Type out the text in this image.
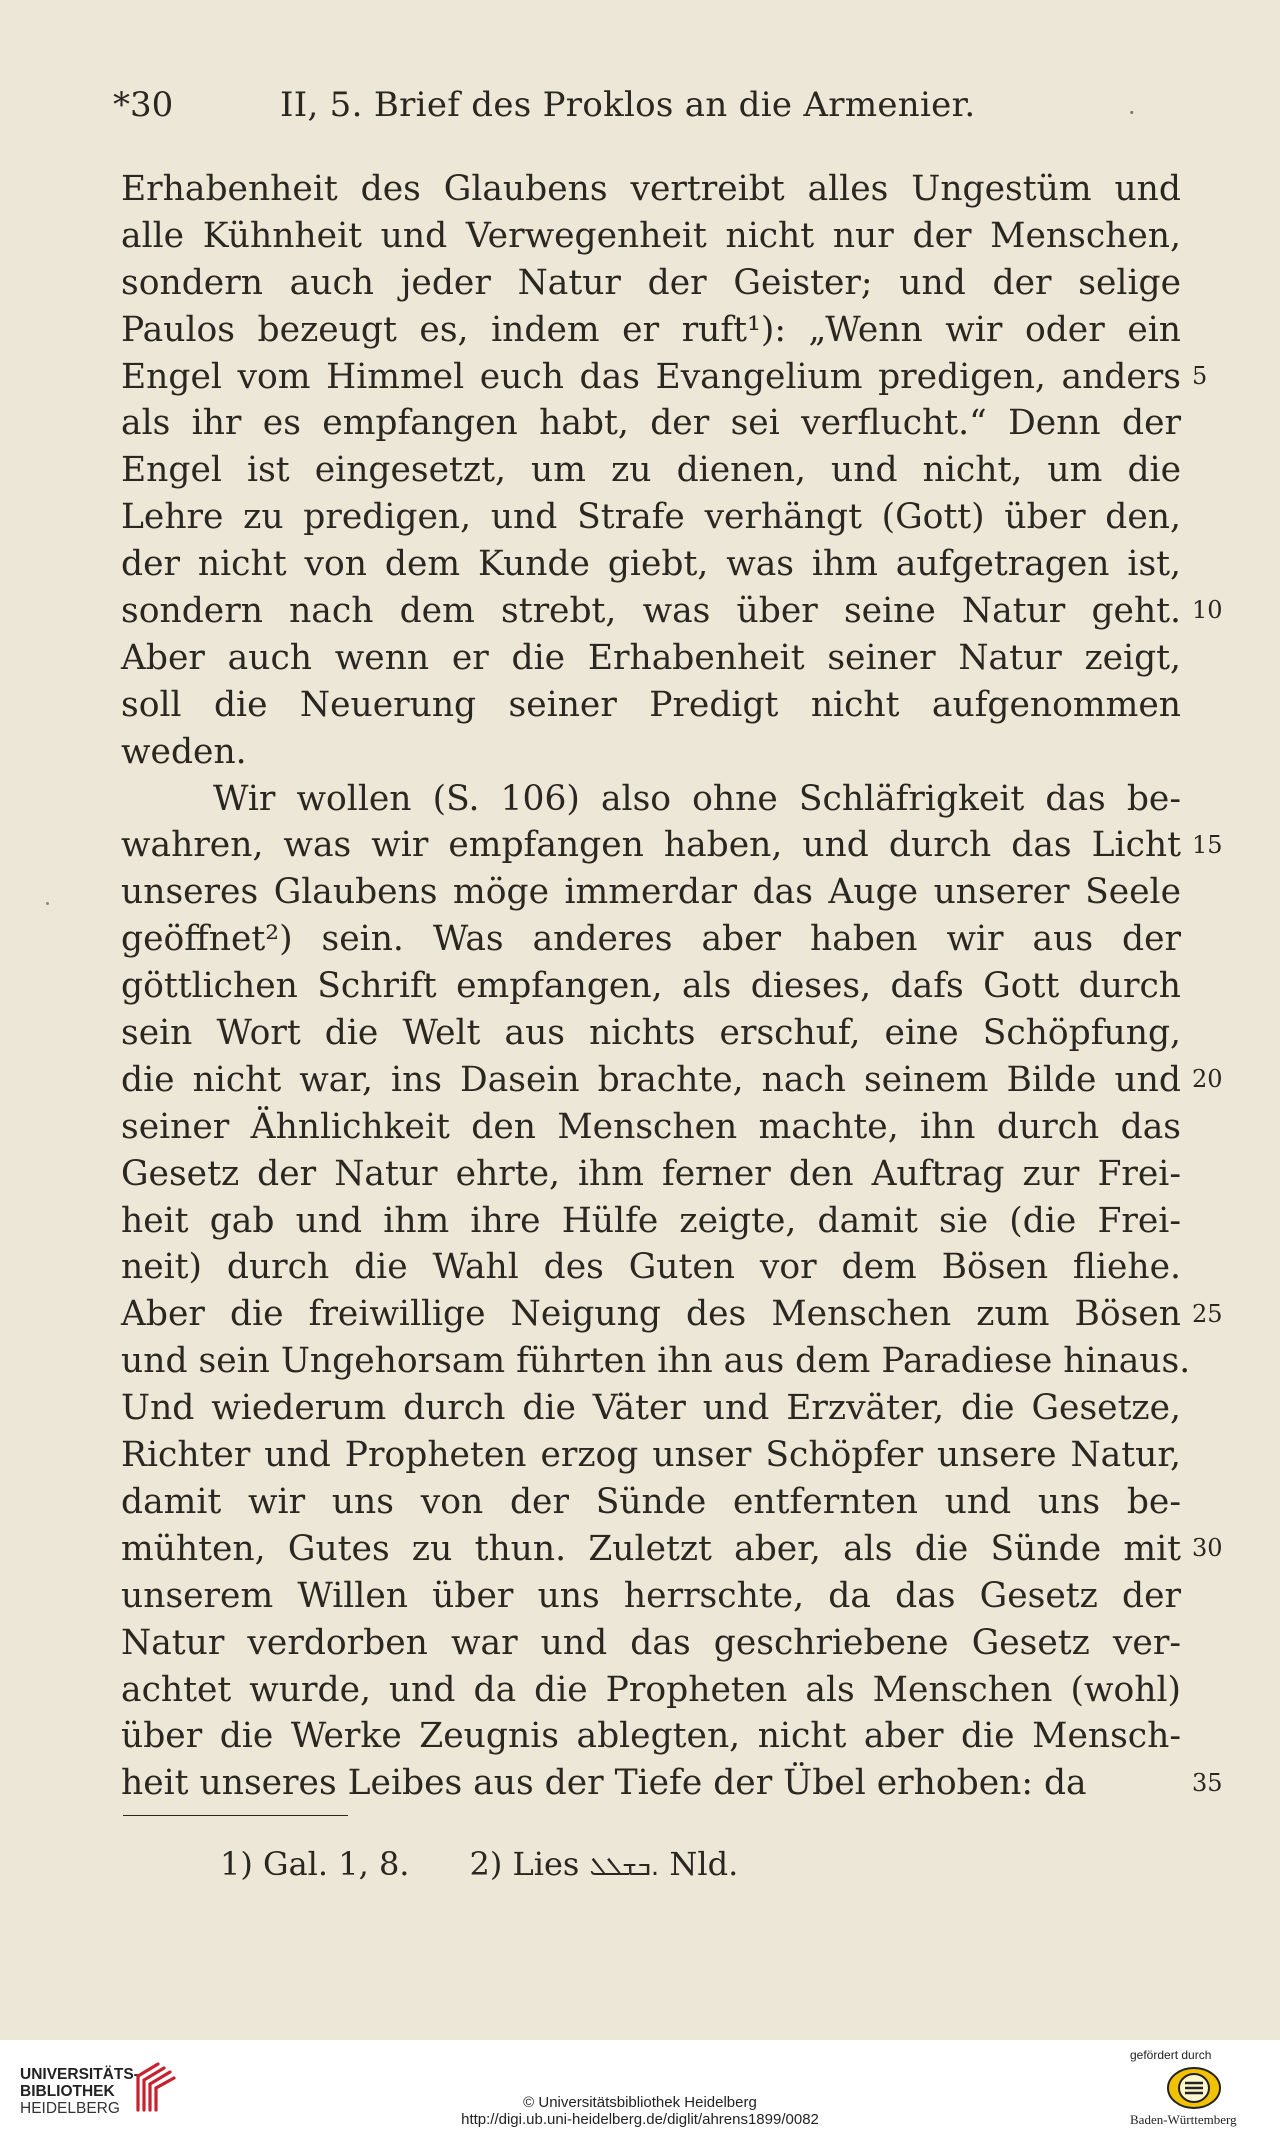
*30	II, 5. Brief des Proklos an die Armenier.	·
Erhabenheit des Glaubens vertreibt alles Ungestüm und
alle Kühnheit und Verwegenheit nicht nur der Menschen,
sondern auch jeder Natur der Geister; und der selige
Paulos bezeugt es, indem er ruft¹): „Wenn wir oder ein
Engel vom Himmel euch das Evangelium predigen, anders
als ihr es empfangen habt, der sei verflucht.“ Denn der
Engel ist eingesetzt, um zu dienen, und nicht, um die
Lehre zu predigen, und Strafe verhängt (Gott) über den,
der nicht von dem Kunde giebt, was ihm aufgetragen ist,
sondern nach dem strebt, was über seine Natur geht.
Aber auch wenn er die Erhabenheit seiner Natur zeigt,
soll die Neuerung seiner Predigt nicht aufgenommen
weden.
Wir wollen (S. 106) also ohne Schläfrigkeit das be-
wahren, was wir empfangen haben, und durch das Licht
unseres Glaubens möge immerdar das Auge unserer Seele
geöffnet²) sein. Was anderes aber haben wir aus der
göttlichen Schrift empfangen, als dieses, dafs Gott durch
sein Wort die Welt aus nichts erschuf, eine Schöpfung,
die nicht war, ins Dasein brachte, nach seinem Bilde und
seiner Ähnlichkeit den Menschen machte, ihn durch das
Gesetz der Natur ehrte, ihm ferner den Auftrag zur Frei-
heit gab und ihm ihre Hülfe zeigte, damit sie (die Frei-
neit) durch die Wahl des Guten vor dem Bösen fliehe.
Aber die freiwillige Neigung des Menschen zum Bösen
und sein Ungehorsam führten ihn aus dem Paradiese hinaus.
Und wiederum durch die Väter und Erzväter, die Gesetze,
Richter und Propheten erzog unser Schöpfer unsere Natur,
damit wir uns von der Sünde entfernten und uns be-
mühten, Gutes zu thun. Zuletzt aber, als die Sünde mit
unserem Willen über uns herrschte, da das Gesetz der
Natur verdorben war und das geschriebene Gesetz ver-
achtet wurde, und da die Propheten als Menschen (wohl)
über die Werke Zeugnis ablegten, nicht aber die Mensch-
heit unseres Leibes aus der Tiefe der Übel erhoben: da
5
10
15
20
25
30
35
1) Gal. 1, 8. 2) Lies ܒܫܠܠ. Nld.
UNIVERSITÄTS-
BIBLIOTHEK
HEIDELBERG	© Universitätsbibliothek Heidelberg
http://digi.ub.uni-heidelberg.de/diglit/ahrens1899/0082
gefördert durch
Baden-Württemberg
